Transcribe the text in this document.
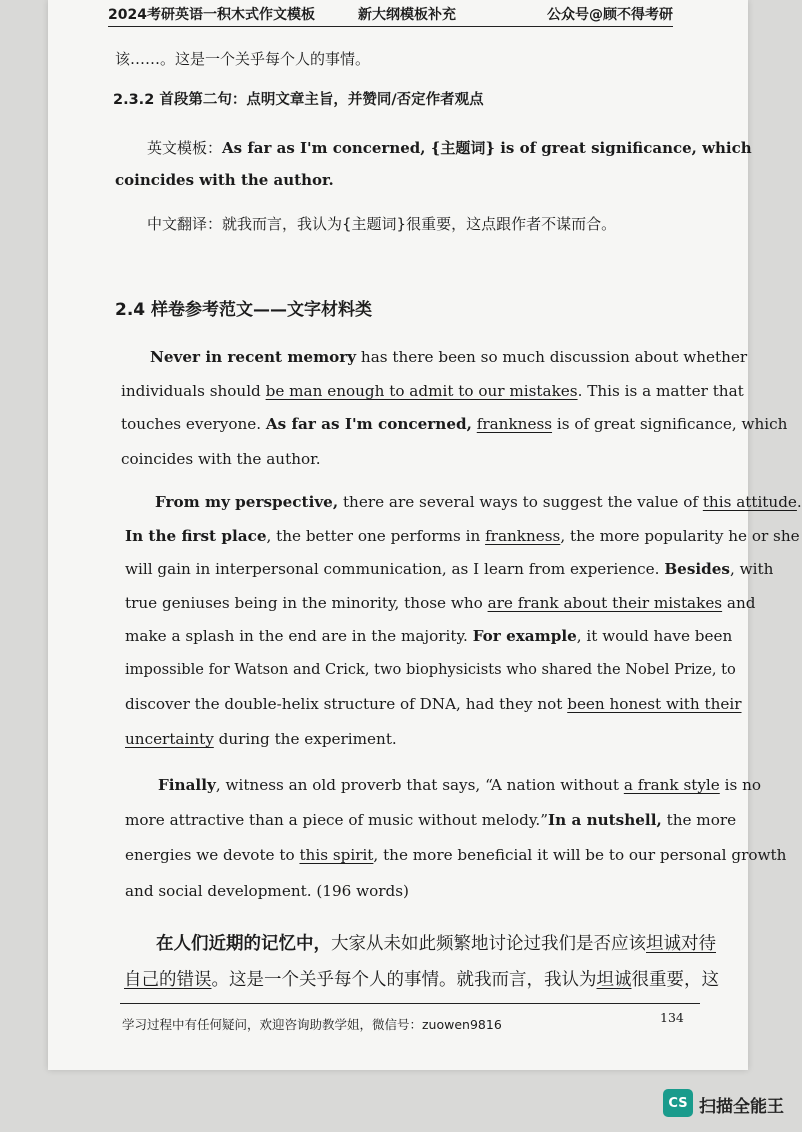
2024考研英语一积木式作文模板	新大纲模板补充	公众号@顾不得考研
该……。这是一个关乎每个人的事情。
2.3.2 首段第二句：点明文章主旨，并赞同/否定作者观点
英文模板：As far as I'm concerned, {主题词} is of great significance, which
coincides with the author.
中文翻译：就我而言，我认为{主题词}很重要，这点跟作者不谋而合。
2.4 样卷参考范文——文字材料类
Never in recent memory has there been so much discussion about whether
individuals should be man enough to admit to our mistakes. This is a matter that
touches everyone. As far as I'm concerned, frankness is of great significance, which
coincides with the author.
From my perspective, there are several ways to suggest the value of this attitude.
In the first place, the better one performs in frankness, the more popularity he or she
will gain in interpersonal communication, as I learn from experience. Besides, with
true geniuses being in the minority, those who are frank about their mistakes and
make a splash in the end are in the majority. For example, it would have been
impossible for Watson and Crick, two biophysicists who shared the Nobel Prize, to
discover the double-helix structure of DNA, had they not been honest with their
uncertainty during the experiment.
Finally, witness an old proverb that says, “A nation without a frank style is no
more attractive than a piece of music without melody.”In a nutshell, the more
energies we devote to this spirit, the more beneficial it will be to our personal growth
and social development. (196 words)
在人们近期的记忆中，大家从未如此频繁地讨论过我们是否应该坦诚对待
自己的错误。这是一个关乎每个人的事情。就我而言，我认为坦诚很重要，这
学习过程中有任何疑问，欢迎咨询助教学姐，微信号：zuowen9816	134
CS 扫描全能王
